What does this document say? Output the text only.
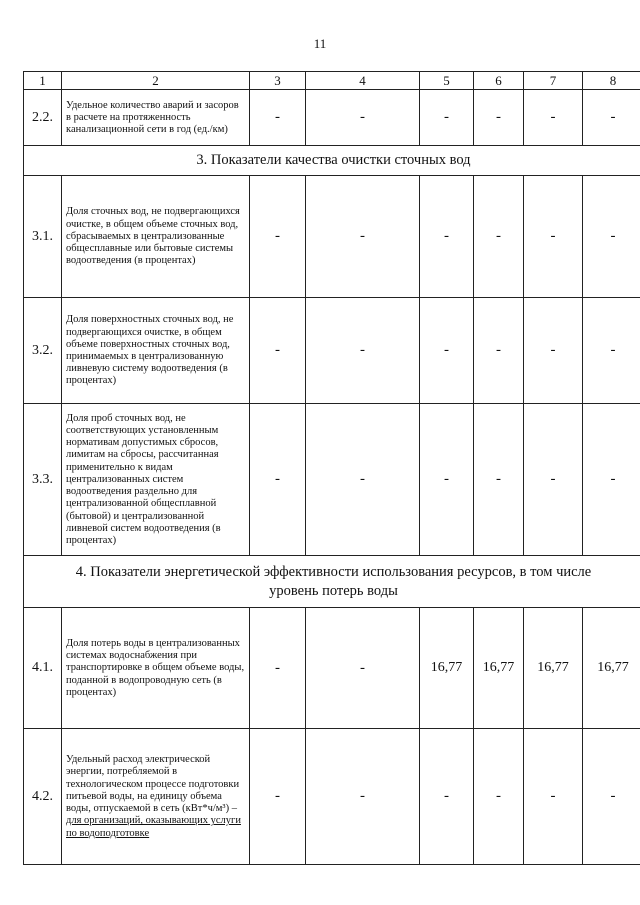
11
1	2	3	4	5	6	7	8
2.2.	Удельное количество аварий и засоров в расчете на протяженность канализационной сети в год (ед./км)	-	-	-	-	-	-
3. Показатели качества очистки сточных вод							
3.1.	Доля сточных вод, не подвергающихся очистке, в общем объеме сточных вод, сбрасываемых в централизованные общесплавные или бытовые системы водоотведения (в процентах)	-	-	-	-	-	-
3.2.	Доля поверхностных сточных вод, не подвергающихся очистке, в общем объеме поверхностных сточных вод, принимаемых в централизованную ливневую систему водоотведения (в процентах)	-	-	-	-	-	-
3.3.	Доля проб сточных вод, не соответствующих установленным нормативам допустимых сбросов, лимитам на сбросы, рассчитанная применительно к видам централизованных систем водоотведения раздельно для централизованной общесплавной (бытовой) и централизованной ливневой систем водоотведения (в процентах)	-	-	-	-	-	-

4. Показатели энергетической эффективности использования ресурсов, в том числе
уровень потерь воды							

4.1.	Доля потерь воды в централизованных системах водоснабжения при транспортировке в общем объеме воды, поданной в водопроводную сеть (в процентах)	-	-	16,77	16,77	16,77	16,77
4.2.	Удельный расход электрической энергии, потребляемой в технологическом процессе подготовки питьевой воды, на единицу объема воды, отпускаемой в сеть (кВт*ч/м³) – для организаций, оказывающих услуги по водоподготовке	-	-	-	-	-	-
